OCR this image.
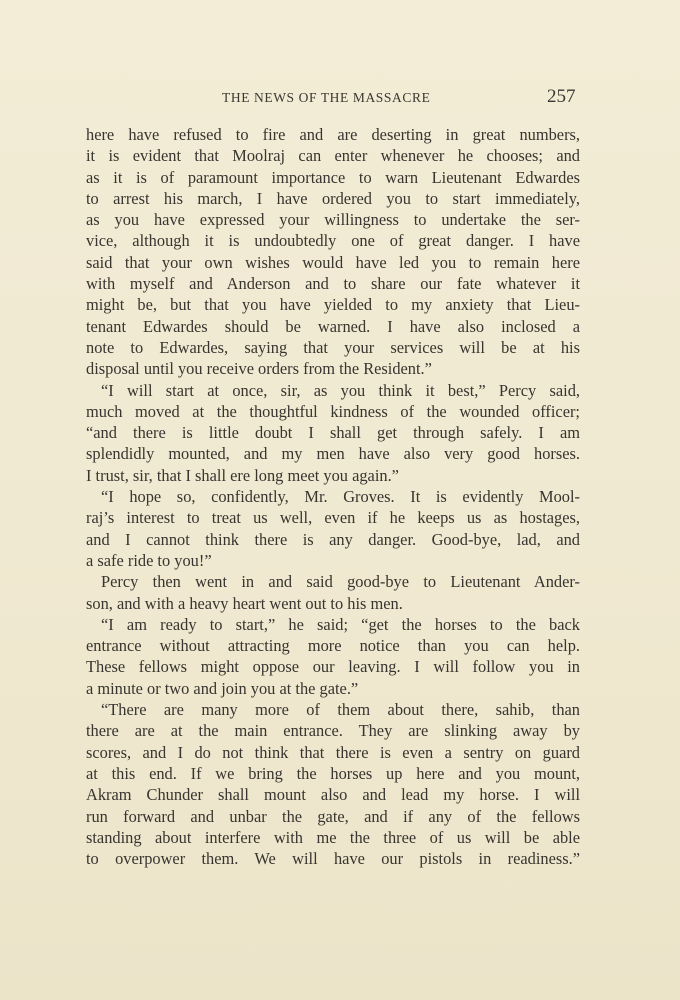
THE NEWS OF THE MASSACRE	257
here have refused to fire and are deserting in great numbers,
it is evident that Moolraj can enter whenever he chooses; and
as it is of paramount importance to warn Lieutenant Edwardes
to arrest his march, I have ordered you to start immediately,
as you have expressed your willingness to undertake the ser-
vice, although it is undoubtedly one of great danger. I have
said that your own wishes would have led you to remain here
with myself and Anderson and to share our fate whatever it
might be, but that you have yielded to my anxiety that Lieu-
tenant Edwardes should be warned. I have also inclosed a
note to Edwardes, saying that your services will be at his
disposal until you receive orders from the Resident.”
“I will start at once, sir, as you think it best,” Percy said,
much moved at the thoughtful kindness of the wounded officer;
“and there is little doubt I shall get through safely. I am
splendidly mounted, and my men have also very good horses.
I trust, sir, that I shall ere long meet you again.”
“I hope so, confidently, Mr. Groves. It is evidently Mool-
raj’s interest to treat us well, even if he keeps us as hostages,
and I cannot think there is any danger. Good-bye, lad, and
a safe ride to you!”
Percy then went in and said good-bye to Lieutenant Ander-
son, and with a heavy heart went out to his men.
“I am ready to start,” he said; “get the horses to the back
entrance without attracting more notice than you can help.
These fellows might oppose our leaving. I will follow you in
a minute or two and join you at the gate.”
“There are many more of them about there, sahib, than
there are at the main entrance. They are slinking away by
scores, and I do not think that there is even a sentry on guard
at this end. If we bring the horses up here and you mount,
Akram Chunder shall mount also and lead my horse. I will
run forward and unbar the gate, and if any of the fellows
standing about interfere with me the three of us will be able
to overpower them. We will have our pistols in readiness.”
